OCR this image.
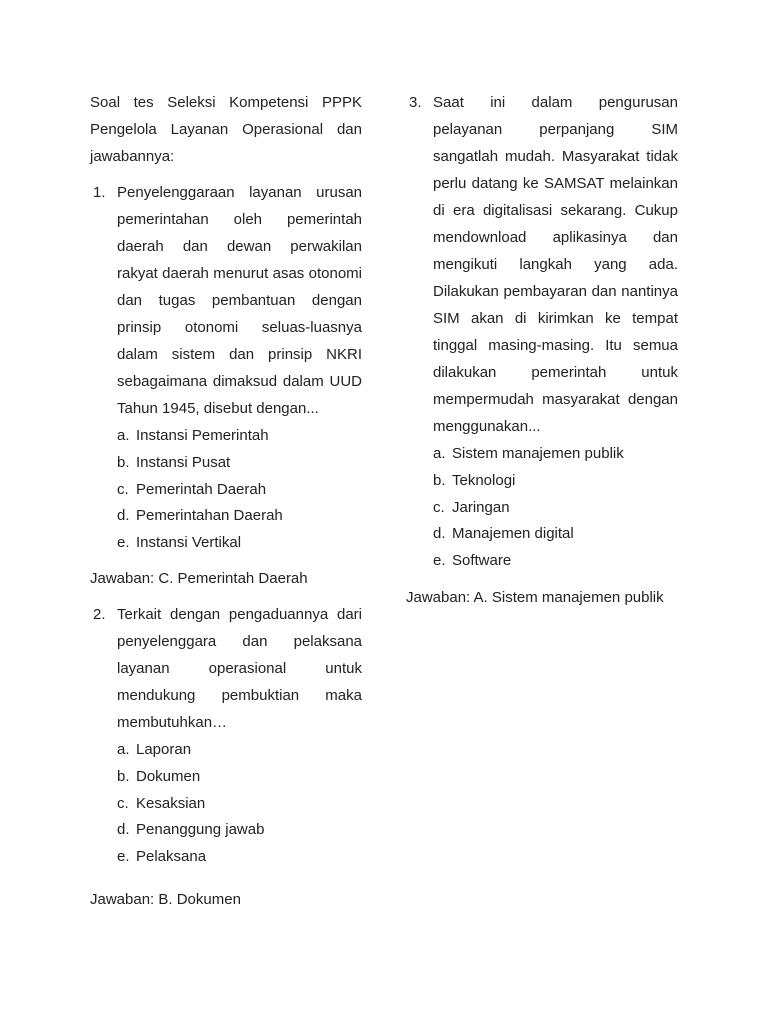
Soal tes Seleksi Kompetensi PPPK Pengelola Layanan Operasional dan jawabannya:

1. Penyelenggaraan layanan urusan pemerintahan oleh pemerintah daerah dan dewan perwakilan rakyat daerah menurut asas otonomi dan tugas pembantuan dengan prinsip otonomi seluas-luasnya dalam sistem dan prinsip NKRI sebagaimana dimaksud dalam UUD Tahun 1945, disebut dengan...

a. Instansi Pemerintah
b. Instansi Pusat
c. Pemerintah Daerah
d. Pemerintahan Daerah
e. Instansi Vertikal

Jawaban: C. Pemerintah Daerah

2. Terkait dengan pengaduannya dari penyelenggara dan pelaksana layanan operasional untuk mendukung pembuktian maka membutuhkan…

a. Laporan
b. Dokumen
c. Kesaksian
d. Penanggung jawab
e. Pelaksana

Jawaban: B. Dokumen

3. Saat ini dalam pengurusan pelayanan perpanjang SIM sangatlah mudah. Masyarakat tidak perlu datang ke SAMSAT melainkan di era digitalisasi sekarang. Cukup mendownload aplikasinya dan mengikuti langkah yang ada. Dilakukan pembayaran dan nantinya SIM akan di kirimkan ke tempat tinggal masing-masing. Itu semua dilakukan pemerintah untuk mempermudah masyarakat dengan menggunakan...

a. Sistem manajemen publik
b. Teknologi
c. Jaringan
d. Manajemen digital
e. Software

Jawaban: A. Sistem manajemen publik
